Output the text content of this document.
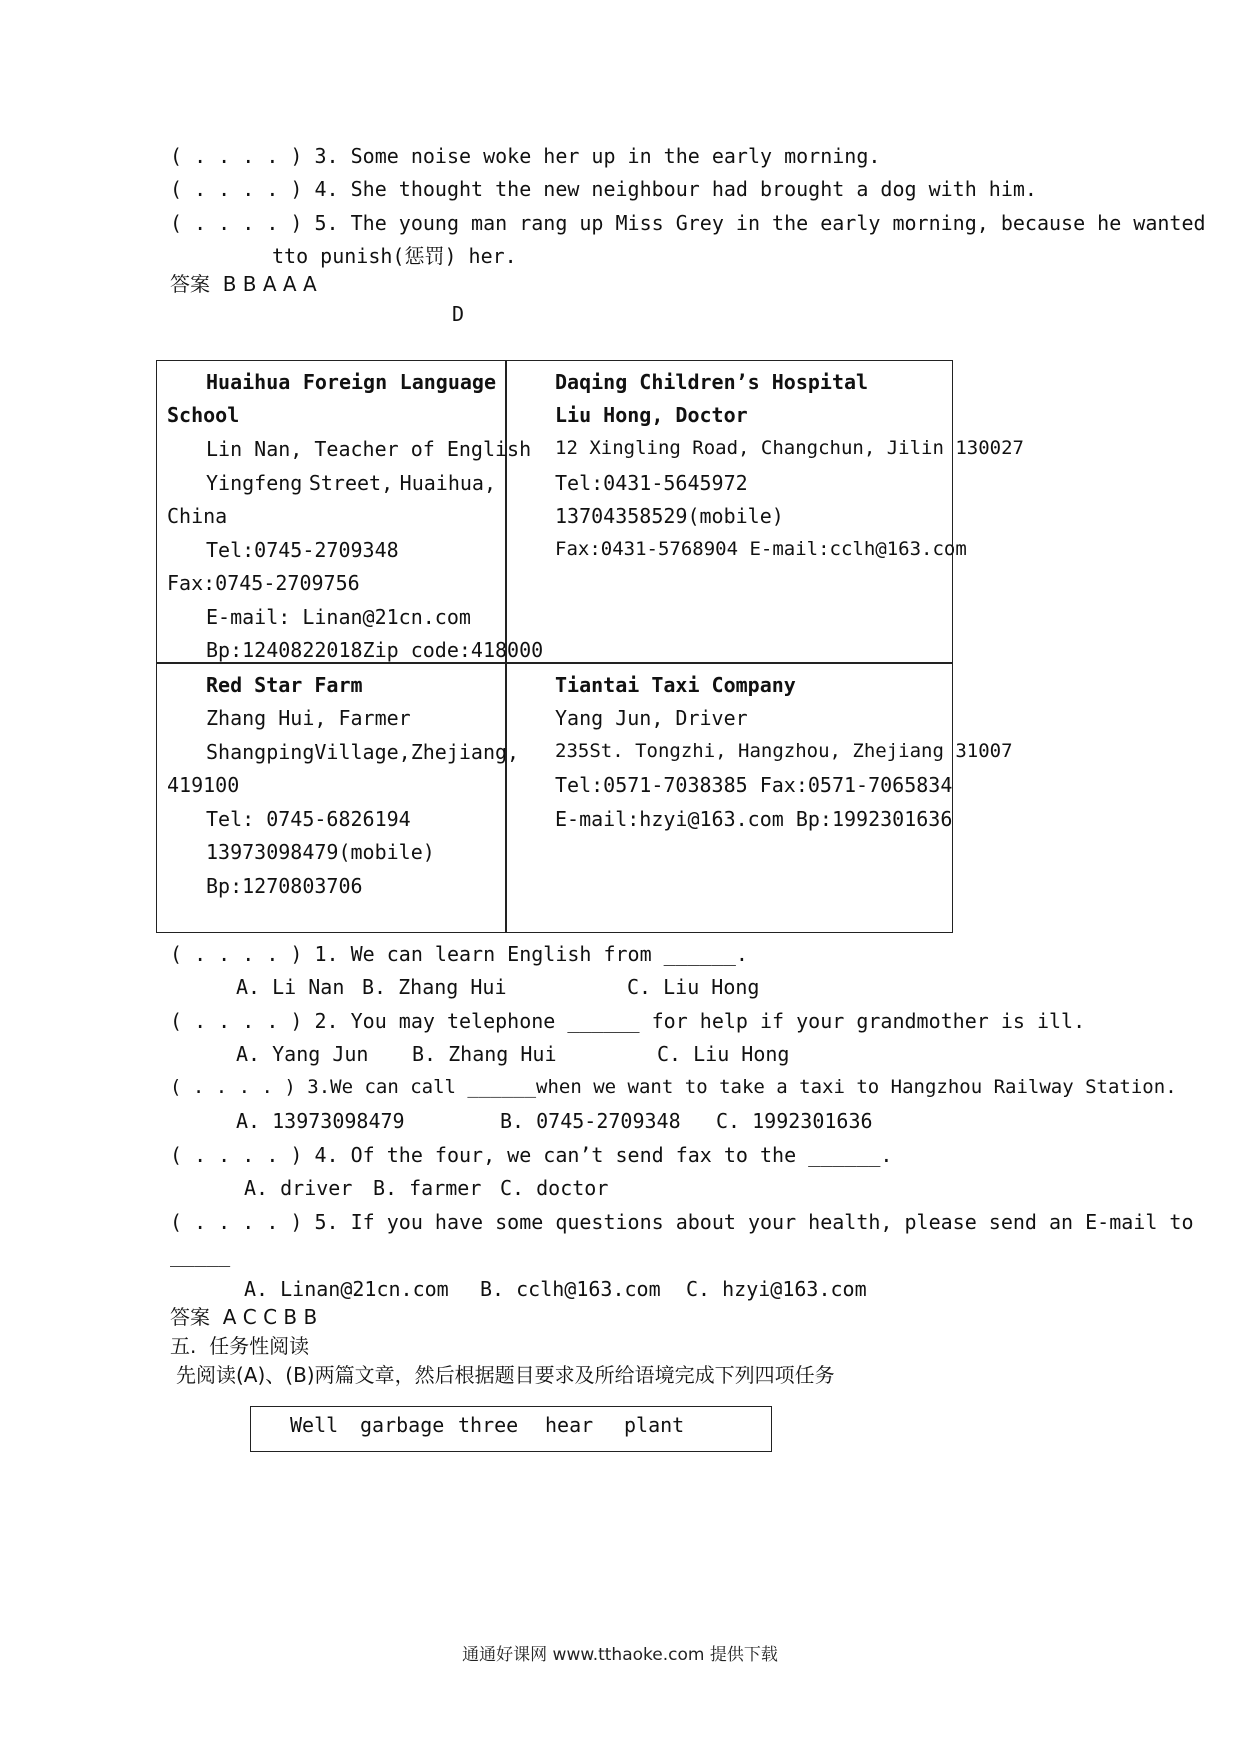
( . . . . ) 3. Some noise woke her up in the early morning.
( . . . . ) 4. She thought the new neighbour had brought a dog with him.
( . . . . ) 5. The young man rang up Miss Grey in the early morning, because he wanted
tto punish(惩罚) her.
答案  B B A A A
D
Huaihua Foreign Language
School
Lin Nan, Teacher of English
Yingfeng Street, Huaihua,
China
Tel:0745-2709348
Fax:0745-2709756
E-mail: Linan@21cn.com
Bp:1240822018Zip code:418000
Daqing Children’s Hospital
Liu Hong, Doctor
12 Xingling Road, Changchun, Jilin 130027
Tel:0431-5645972
13704358529(mobile)
Fax:0431-5768904 E-mail:cclh@163.com
Red Star Farm
Zhang Hui, Farmer
Shangping Village, Zhejiang,
419100
Tel: 0745-6826194
13973098479(mobile)
Bp:1270803706
Tiantai Taxi Company
Yang Jun, Driver
235St. Tongzhi, Hangzhou, Zhejiang 31007
Tel:0571-7038385 Fax:0571-7065834
E-mail:hzyi@163.com Bp:1992301636
( . . . . ) 1. We can learn English from ______.
A. Li Nan B. Zhang Hui	C. Liu Hong
( . . . . ) 2. You may telephone ______ for help if your grandmother is ill.
A. Yang Jun B. Zhang Hui	C. Liu Hong
( . . . . ) 3.We can call ______when we want to take a taxi to Hangzhou Railway Station.
A. 13973098479	B. 0745-2709348 C. 1992301636
( . . . . ) 4. Of the four, we can’t send fax to the ______.
A. driver B. farmer C. doctor
( . . . . ) 5. If you have some questions about your health, please send an E-mail to
_____
A. Linan@21cn.com B. cclh@163.com C. hzyi@163.com
答案  A C C B B
五.  任务性阅读
先阅读(A)、(B)两篇文章，然后根据题目要求及所给语境完成下列四项任务
Well garbage three hear plant
通通好课网 www.tthaoke.com 提供下载
